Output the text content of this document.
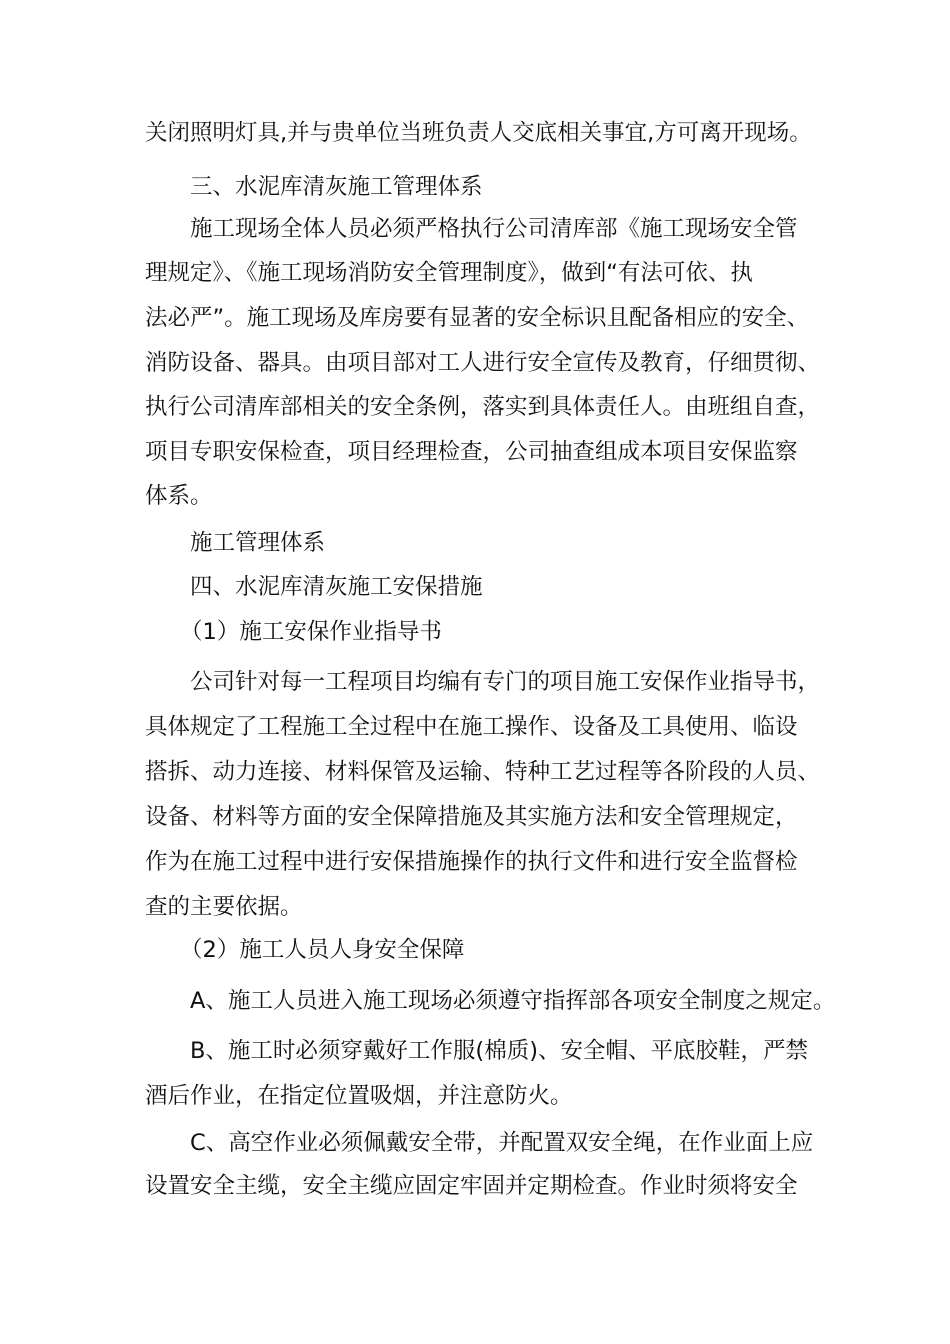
关闭照明灯具,并与贵单位当班负责人交底相关事宜,方可离开现场。
三、水泥库清灰施工管理体系
施工现场全体人员必须严格执行公司清库部《施工现场安全管
理规定》、《施工现场消防安全管理制度》，做到“有法可依、执
法必严”。施工现场及库房要有显著的安全标识且配备相应的安全、
消防设备、器具。由项目部对工人进行安全宣传及教育，仔细贯彻、
执行公司清库部相关的安全条例，落实到具体责任人。由班组自查，
项目专职安保检查，项目经理检查，公司抽查组成本项目安保监察
体系。
施工管理体系
四、水泥库清灰施工安保措施
（1）施工安保作业指导书
公司针对每一工程项目均编有专门的项目施工安保作业指导书，
具体规定了工程施工全过程中在施工操作、设备及工具使用、临设
搭拆、动力连接、材料保管及运输、特种工艺过程等各阶段的人员、
设备、材料等方面的安全保障措施及其实施方法和安全管理规定，
作为在施工过程中进行安保措施操作的执行文件和进行安全监督检
查的主要依据。
（2）施工人员人身安全保障
A、施工人员进入施工现场必须遵守指挥部各项安全制度之规定。
B、施工时必须穿戴好工作服(棉质)、安全帽、平底胶鞋，严禁
酒后作业，在指定位置吸烟，并注意防火。
C、高空作业必须佩戴安全带，并配置双安全绳，在作业面上应
设置安全主缆，安全主缆应固定牢固并定期检查。作业时须将安全
